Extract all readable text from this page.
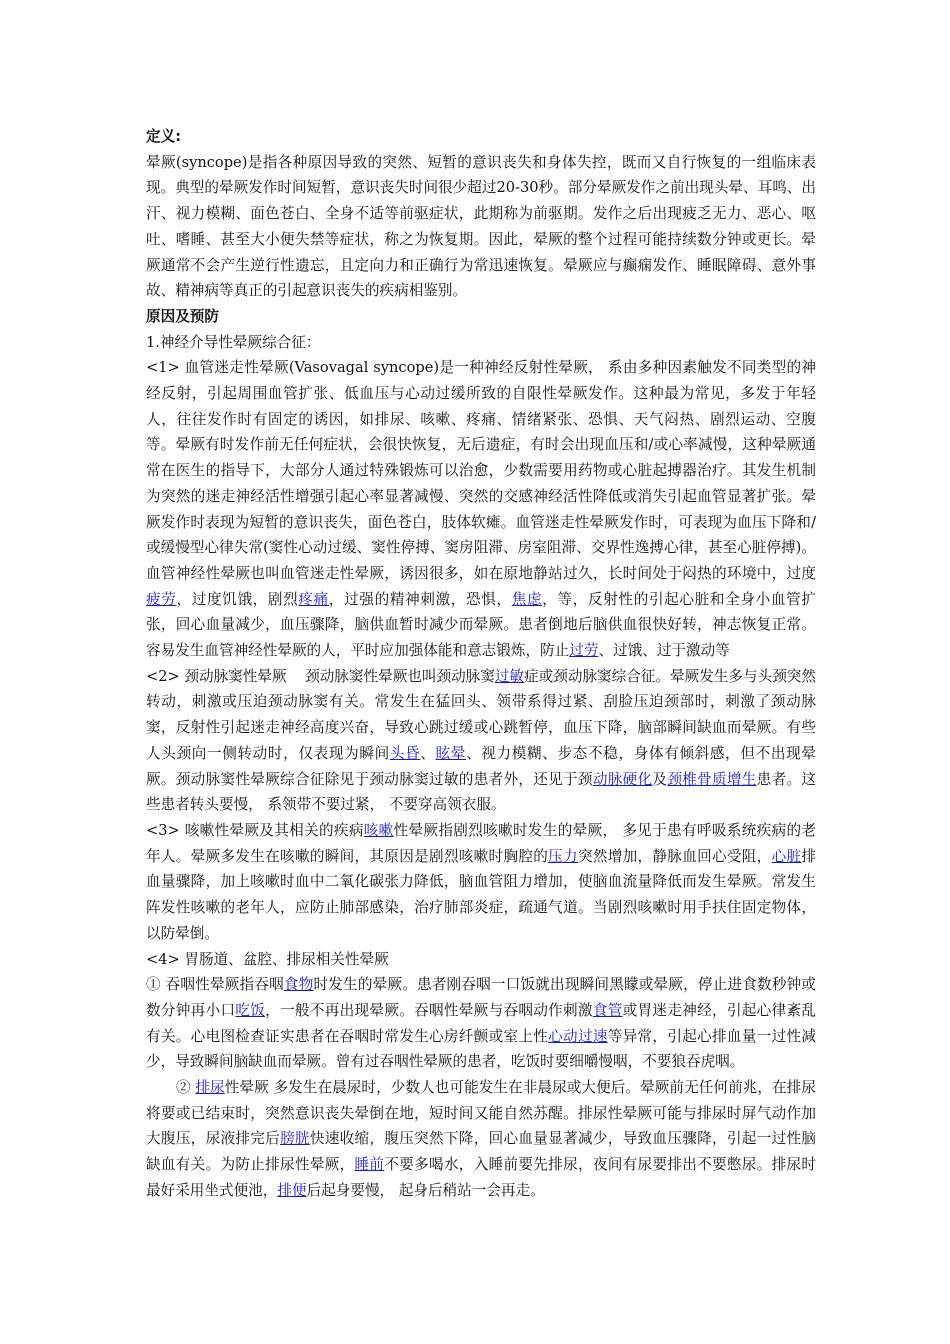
定义:

晕厥(syncope)是指各种原因导致的突然、短暂的意识丧失和身体失控，既而又自行恢复的一组临床表现。典型的晕厥发作时间短暂，意识丧失时间很少超过20-30秒。部分晕厥发作之前出现头晕、耳鸣、出汗、视力模糊、面色苍白、全身不适等前驱症状，此期称为前驱期。发作之后出现疲乏无力、恶心、呕吐、嗜睡、甚至大小便失禁等症状，称之为恢复期。因此，晕厥的整个过程可能持续数分钟或更长。晕厥通常不会产生逆行性遗忘，且定向力和正确行为常迅速恢复。晕厥应与癫痫发作、睡眠障碍、意外事故、精神病等真正的引起意识丧失的疾病相鉴别。

原因及预防

1.神经介导性晕厥综合征：

<1> 血管迷走性晕厥(Vasovagal syncope)是一种神经反射性晕厥， 系由多种因素触发不同类型的神经反射，引起周围血管扩张、低血压与心动过缓所致的自限性晕厥发作。这种最为常见，多发于年轻人，往往发作时有固定的诱因，如排尿、咳嗽、疼痛、情绪紧张、恐惧、天气闷热、剧烈运动、空腹等。晕厥有时发作前无任何症状，会很快恢复，无后遗症，有时会出现血压和/或心率减慢，这种晕厥通常在医生的指导下，大部分人通过特殊锻炼可以治愈，少数需要用药物或心脏起搏器治疗。其发生机制为突然的迷走神经活性增强引起心率显著减慢、突然的交感神经活性降低或消失引起血管显著扩张。晕厥发作时表现为短暂的意识丧失，面色苍白，肢体软瘫。血管迷走性晕厥发作时，可表现为血压下降和/或缓慢型心律失常(窦性心动过缓、窦性停搏、窦房阻滞、房室阻滞、交界性逸搏心律，甚至心脏停搏)。 血管神经性晕厥也叫血管迷走性晕厥，诱因很多，如在原地静站过久，长时间处于闷热的环境中，过度疲劳，过度饥饿，剧烈疼痛，过强的精神刺激，恐惧，焦虑，等，反射性的引起心脏和全身小血管扩张，回心血量减少，血压骤降，脑供血暂时减少而晕厥。患者倒地后脑供血很快好转，神志恢复正常。容易发生血管神经性晕厥的人，平时应加强体能和意志锻炼，防止过劳、过饿、过于激动等

<2> 颈动脉窦性晕厥    颈动脉窦性晕厥也叫颈动脉窦过敏症或颈动脉窦综合征。晕厥发生多与头颈突然转动，刺激或压迫颈动脉窦有关。常发生在猛回头、领带系得过紧、刮脸压迫颈部时，刺激了颈动脉窦，反射性引起迷走神经高度兴奋，导致心跳过缓或心跳暂停，血压下降，脑部瞬间缺血而晕厥。有些人头颈向一侧转动时，仅表现为瞬间头昏、眩晕、视力模糊、步态不稳，身体有倾斜感，但不出现晕厥。颈动脉窦性晕厥综合征除见于颈动脉窦过敏的患者外，还见于颈动脉硬化及颈椎骨质增生患者。这些患者转头要慢， 系领带不要过紧， 不要穿高领衣服。

<3> 咳嗽性晕厥及其相关的疾病咳嗽性晕厥指剧烈咳嗽时发生的晕厥， 多见于患有呼吸系统疾病的老年人。晕厥多发生在咳嗽的瞬间，其原因是剧烈咳嗽时胸腔的压力突然增加，静脉血回心受阻，心脏排血量骤降，加上咳嗽时血中二氧化碳张力降低，脑血管阻力增加，使脑血流量降低而发生晕厥。常发生阵发性咳嗽的老年人，应防止肺部感染，治疗肺部炎症，疏通气道。当剧烈咳嗽时用手扶住固定物体，以防晕倒。

<4> 胃肠道、盆腔、排尿相关性晕厥

① 吞咽性晕厥指吞咽食物时发生的晕厥。患者刚吞咽一口饭就出现瞬间黑矇或晕厥，停止进食数秒钟或数分钟再小口吃饭，一般不再出现晕厥。吞咽性晕厥与吞咽动作刺激食管或胃迷走神经，引起心律紊乱有关。心电图检查证实患者在吞咽时常发生心房纤颤或室上性心动过速等异常，引起心排血量一过性减少，导致瞬间脑缺血而晕厥。曾有过吞咽性晕厥的患者，吃饭时要细嚼慢咽，不要狼吞虎咽。

② 排尿性晕厥 多发生在晨尿时，少数人也可能发生在非晨尿或大便后。晕厥前无任何前兆，在排尿将要或已结束时，突然意识丧失晕倒在地，短时间又能自然苏醒。排尿性晕厥可能与排尿时屏气动作加大腹压，尿液排完后膀胱快速收缩，腹压突然下降，回心血量显著减少，导致血压骤降，引起一过性脑缺血有关。为防止排尿性晕厥，睡前不要多喝水，入睡前要先排尿，夜间有尿要排出不要憋尿。排尿时最好采用坐式便池，排便后起身要慢， 起身后稍站一会再走。
